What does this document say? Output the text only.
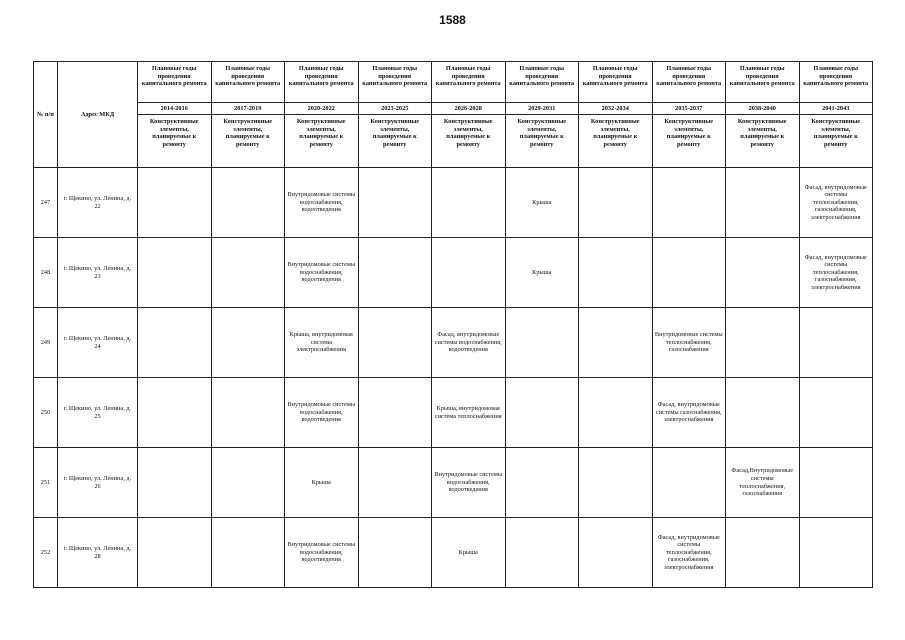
1588
№ п/п	Адрес МКД	Плановые годы проведения капитального ремонта	Плановые годы проведения капитального ремонта	Плановые годы проведения капитального ремонта	Плановые годы проведения капитального ремонта	Плановые годы проведения капитального ремонта	Плановые годы проведения капитального ремонта	Плановые годы проведения капитального ремонта	Плановые годы проведения капитального ремонта	Плановые годы проведения капитального ремонта	Плановые годы проведения капитального ремонта
		2014-2016	2017-2019	2020-2022	2023-2025	2026-2028	2029-2031	2032-2034	2035-2037	2038-2040	2041-2043
		Конструктивные элементы, планируемые к ремонту	Конструктивные элементы, планируемые к ремонту	Конструктивные элементы, планируемые к ремонту	Конструктивные элементы, планируемые к ремонту	Конструктивные элементы, планируемые к ремонту	Конструктивные элементы, планируемые к ремонту	Конструктивные элементы, планируемые к ремонту	Конструктивные элементы, планируемые к ремонту	Конструктивные элементы, планируемые к ремонту	Конструктивные элементы, планируемые к ремонту
247	г. Щекино, ул. Ленина, д. 22			Внутридомовые системы водоснабжения, водоотведения			Крыша				Фасад, внутридомовые системы теплоснабжения, газоснабжения, электроснабжения
248	г. Щекино, ул. Ленина, д. 23			Внутридомовые системы водоснабжения, водоотведения			Крыша				Фасад, внутридомовые системы теплоснабжения, газоснабжения, электроснабжения
249	г. Щекино, ул. Ленина, д. 24			Крыша, внутридомовая система электроснабжения		Фасад, внутридомовые системы водоснабжения, водоотведения			Внутридомовые системы теплоснабжения, газоснабжения		
250	г. Щекино, ул. Ленина, д. 25			Внутридомовые системы водоснабжения, водоотведения		Крыша, внутридомовая система теплоснабжения			Фасад, внутридомовые системы газоснабжения, электроснабжения		
251	г. Щекино, ул. Ленина, д. 26			Крыша		Внутридомовые системы водоснабжения, водоотведения				Фасад,Внутридомовые системы теплоснабжения, газоснабжения	
252	г. Щекино, ул. Ленина, д. 28			Внутридомовые системы водоснабжения, водоотведения		Крыша			Фасад, внутридомовые системы теплоснабжения, газоснабжения, электроснабжения		
